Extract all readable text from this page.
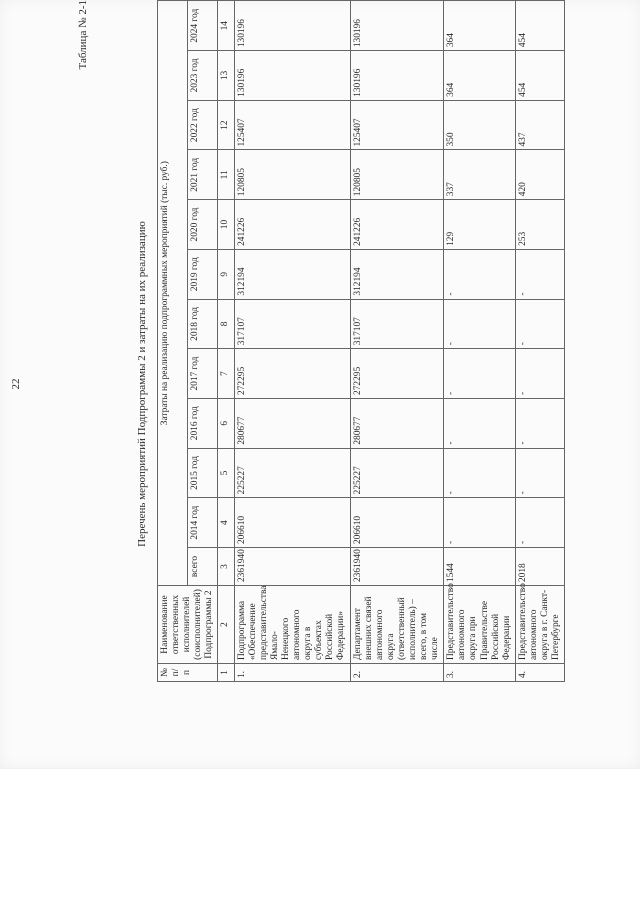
22
Таблица № 2-1
Перечень мероприятий Подпрограммы 2 и затраты на их реализацию
№ п/п	Наименование ответственных исполнителей (соисполнителей) Подпрограммы 2	Затраты на реализацию подпрограммных мероприятий (тыс. руб.)											
		всего	2014 год	2015 год	2016 год	2017 год	2018 год	2019 год	2020 год	2021 год	2022 год	2023 год	2024 год
1	2	3	4	5	6	7	8	9	10	11	12	13	14
1.	Подпрограмма «Обеспечение представительства Ямало-Ненецкого автономного округа в субъектах Российской Федерации»	2361940	206610	225227	280677	272295	317107	312194	241226	120805	125407	130196	130196
2.	Департамент внешних связей автономного округа (ответственный исполнитель) – всего, в том числе	2361940	206610	225227	280677	272295	317107	312194	241226	120805	125407	130196	130196
3.	Представительство автономного округа при Правительстве Российской Федерации	1544	-	-	-	-	-	-	129	337	350	364	364
4.	Представительство автономного округа в г. Санкт-Петербурге	2018	-	-	-	-	-	-	253	420	437	454	454
